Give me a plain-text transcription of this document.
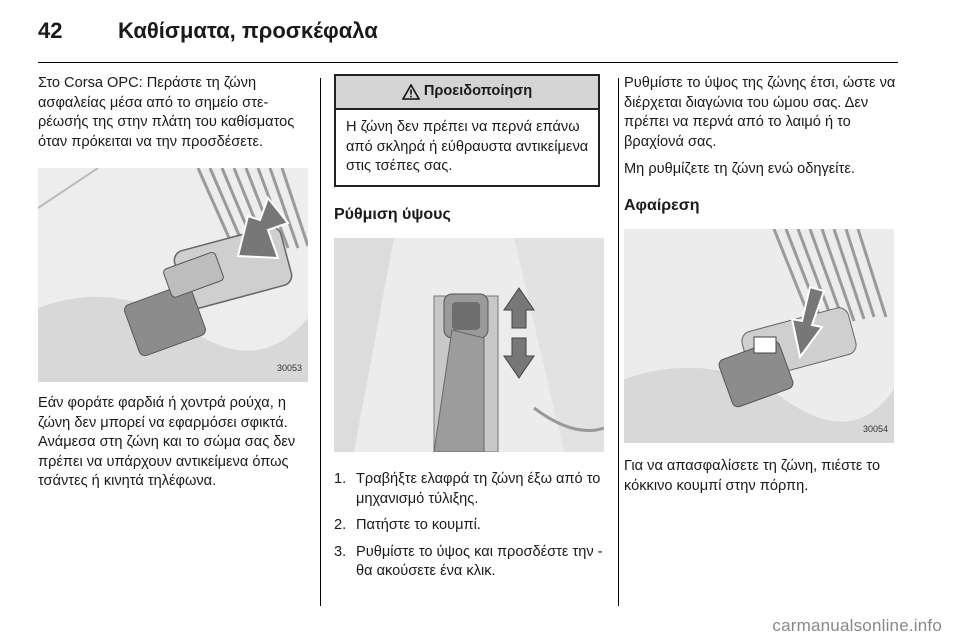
42	Καθίσματα, προσκέφαλα

Στο Corsa OPC: Περάστε τη ζώνη ασφαλείας μέσα από το σημείο στερέωσής της στην πλάτη του καθίσματος όταν πρόκειται να την προσδέσετε.

30053

Εάν φοράτε φαρδιά ή χοντρά ρούχα, η ζώνη δεν μπορεί να εφαρμόσει σφικτά. Ανάμεσα στη ζώνη και το σώμα σας δεν πρέπει να υπάρχουν αντικείμενα όπως τσάντες ή κινητά τηλέφωνα.

Προειδοποίηση
Η ζώνη δεν πρέπει να περνά επάνω από σκληρά ή εύθραυστα αντικείμενα στις τσέπες σας.
Ρύθμιση ύψους
1. Τραβήξτε ελαφρά τη ζώνη έξω από το μηχανισμό τύλιξης.
2. Πατήστε το κουμπί.
3. Ρυθμίστε το ύψος και προσδέστε την - θα ακούσετε ένα κλικ.

Ρυθμίστε το ύψος της ζώνης έτσι, ώστε να διέρχεται διαγώνια του ώμου σας. Δεν πρέπει να περνά από το λαιμό ή το βραχίονά σας.

Μη ρυθμίζετε τη ζώνη ενώ οδηγείτε.

Αφαίρεση
30054

Για να απασφαλίσετε τη ζώνη, πιέστε το κόκκινο κουμπί στην πόρπη.

carmanualsonline.info
